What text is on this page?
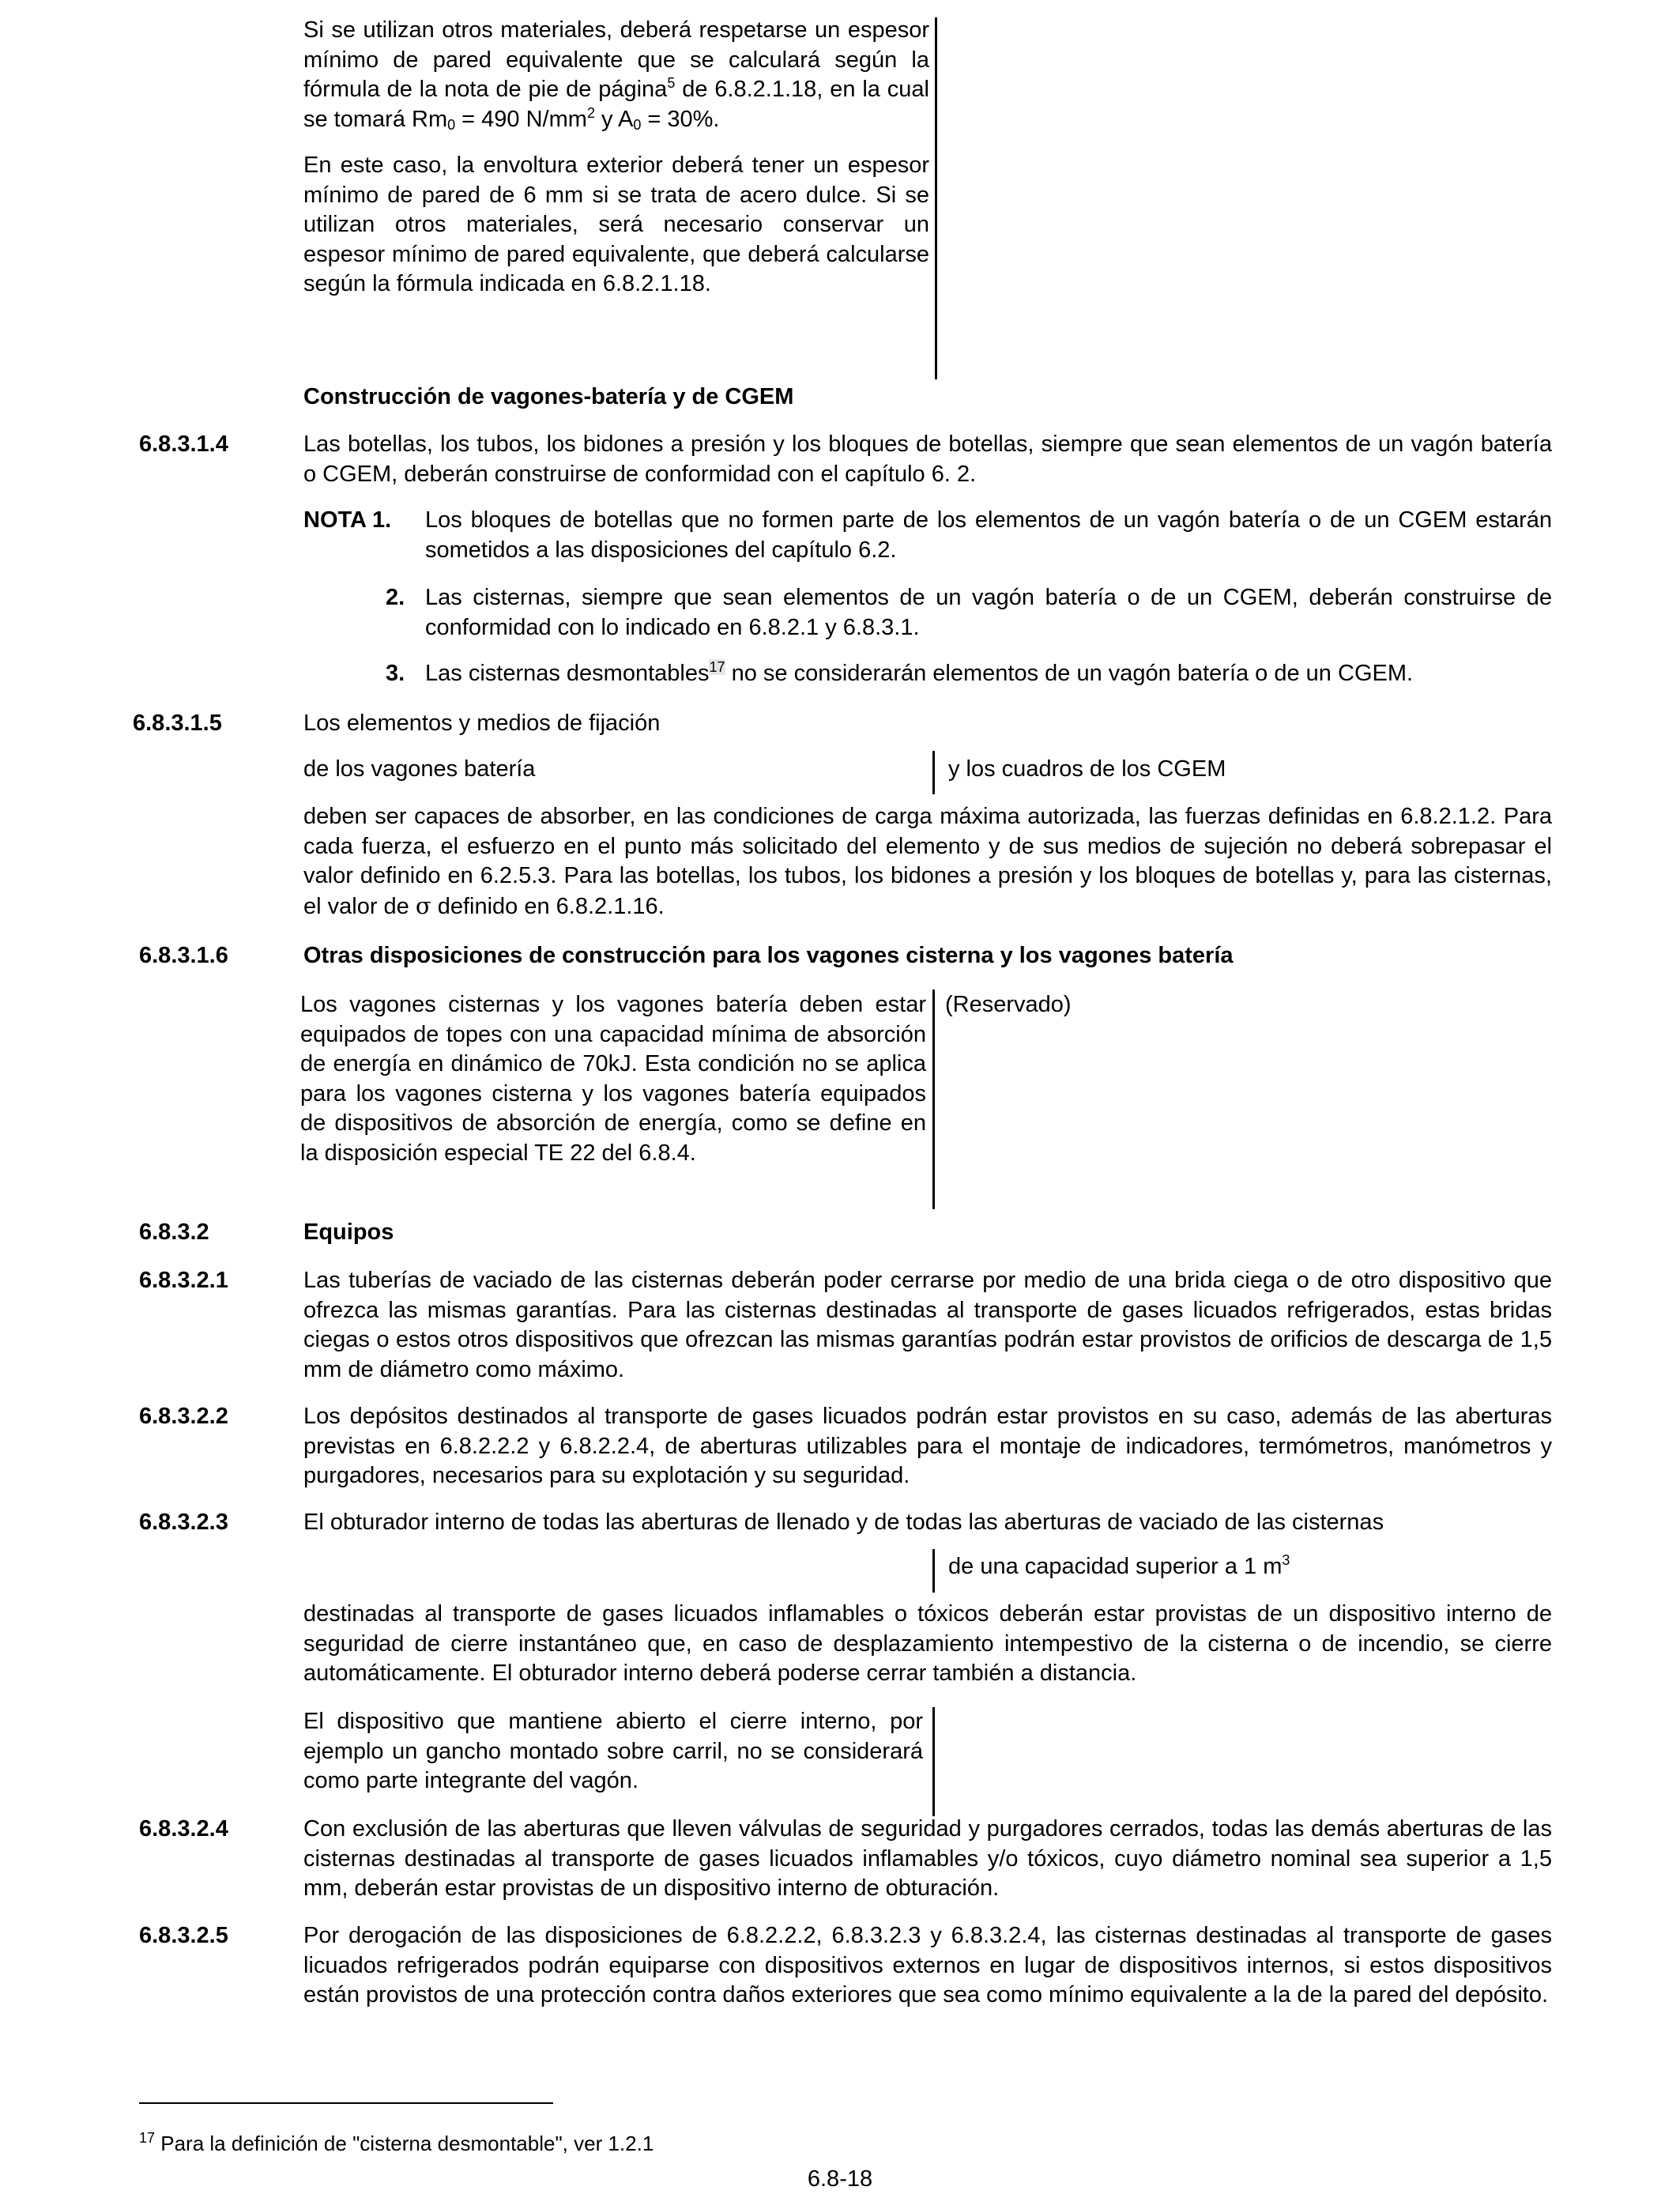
Si se utilizan otros materiales, deberá respetarse un espesor mínimo de pared equivalente que se calculará según la fórmula de la nota de pie de página$^5$ de 6.8.2.1.18, en la cual se tomará $Rm_0 = 490$ $N/mm^2$ y $A_0 = 30\%$.
En este caso, la envoltura exterior deberá tener un espesor mínimo de pared de 6 mm si se trata de acero dulce. Si se utilizan otros materiales, será necesario conservar un espesor mínimo de pared equivalente, que deberá calcularse según la fórmula indicada en 6.8.2.1.18.
Construcción de vagones-batería y de CGEM
6.8.3.1.4	Las botellas, los tubos, los bidones a presión y los bloques de botellas, siempre que sean elementos de un vagón batería o CGEM, deberán construirse de conformidad con el capítulo 6. 2.
NOTA 1. Los bloques de botellas que no formen parte de los elementos de un vagón batería o de un CGEM estarán sometidos a las disposiciones del capítulo 6.2.
2. Las cisternas, siempre que sean elementos de un vagón batería o de un CGEM, deberán construirse de conformidad con lo indicado en 6.8.2.1 y 6.8.3.1.
3. Las cisternas desmontables$^{17}$ no se considerarán elementos de un vagón batería o de un CGEM.
6.8.3.1.5	Los elementos y medios de fijación
de los vagones batería	y los cuadros de los CGEM
deben ser capaces de absorber, en las condiciones de carga máxima autorizada, las fuerzas definidas en 6.8.2.1.2. Para cada fuerza, el esfuerzo en el punto más solicitado del elemento y de sus medios de sujeción no deberá sobrepasar el valor definido en 6.2.5.3. Para las botellas, los tubos, los bidones a presión y los bloques de botellas y, para las cisternas, el valor de σ definido en 6.8.2.1.16.
6.8.3.1.6	Otras disposiciones de construcción para los vagones cisterna y los vagones batería
Los vagones cisternas y los vagones batería deben estar equipados de topes con una capacidad mínima de absorción de energía en dinámico de 70kJ. Esta condición no se aplica para los vagones cisterna y los vagones batería equipados de dispositivos de absorción de energía, como se define en la disposición especial TE 22 del 6.8.4.
(Reservado)
6.8.3.2	Equipos
6.8.3.2.1	Las tuberías de vaciado de las cisternas deberán poder cerrarse por medio de una brida ciega o de otro dispositivo que ofrezca las mismas garantías. Para las cisternas destinadas al transporte de gases licuados refrigerados, estas bridas ciegas o estos otros dispositivos que ofrezcan las mismas garantías podrán estar provistos de orificios de descarga de 1,5 mm de diámetro como máximo.
6.8.3.2.2	Los depósitos destinados al transporte de gases licuados podrán estar provistos en su caso, además de las aberturas previstas en 6.8.2.2.2 y 6.8.2.2.4, de aberturas utilizables para el montaje de indicadores, termómetros, manómetros y purgadores, necesarios para su explotación y su seguridad.
6.8.3.2.3	El obturador interno de todas las aberturas de llenado y de todas las aberturas de vaciado de las cisternas
de una capacidad superior a 1 $m^3$
destinadas al transporte de gases licuados inflamables o tóxicos deberán estar provistas de un dispositivo interno de seguridad de cierre instantáneo que, en caso de desplazamiento intempestivo de la cisterna o de incendio, se cierre automáticamente. El obturador interno deberá poderse cerrar también a distancia.
El dispositivo que mantiene abierto el cierre interno, por ejemplo un gancho montado sobre carril, no se considerará como parte integrante del vagón.
6.8.3.2.4	Con exclusión de las aberturas que lleven válvulas de seguridad y purgadores cerrados, todas las demás aberturas de las cisternas destinadas al transporte de gases licuados inflamables y/o tóxicos, cuyo diámetro nominal sea superior a 1,5 mm, deberán estar provistas de un dispositivo interno de obturación.
6.8.3.2.5	Por derogación de las disposiciones de 6.8.2.2.2, 6.8.3.2.3 y 6.8.3.2.4, las cisternas destinadas al transporte de gases licuados refrigerados podrán equiparse con dispositivos externos en lugar de dispositivos internos, si estos dispositivos están provistos de una protección contra daños exteriores que sea como mínimo equivalente a la de la pared del depósito.
$^{17}$ Para la definición de "cisterna desmontable", ver 1.2.1
6.8-18
